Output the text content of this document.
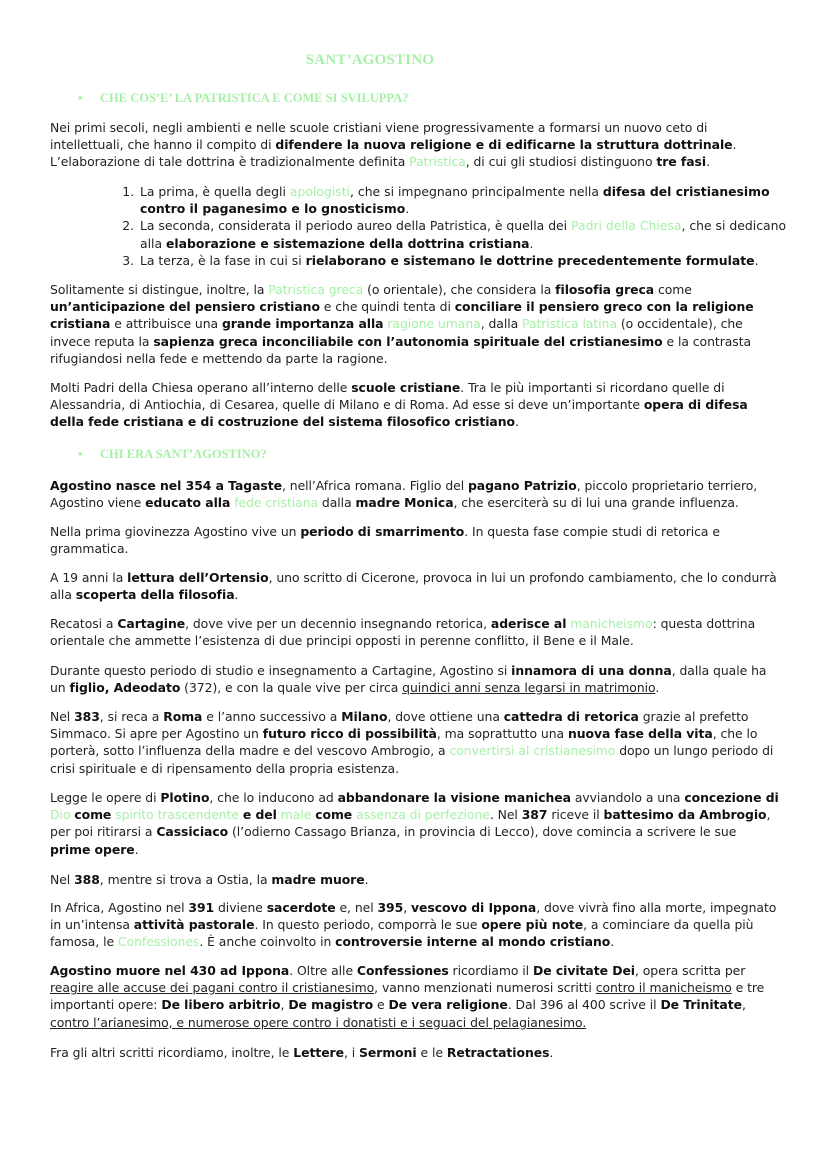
SANT’AGOSTINO
• CHE COS’E’ LA PATRISTICA E COME SI SVILUPPA?
Nei primi secoli, negli ambienti e nelle scuole cristiani viene progressivamente a formarsi un nuovo ceto di intellettuali, che hanno il compito di difendere la nuova religione e di edificarne la struttura dottrinale. L’elaborazione di tale dottrina è tradizionalmente definita Patristica, di cui gli studiosi distinguono tre fasi.
1. La prima, è quella degli apologisti, che si impegnano principalmente nella difesa del cristianesimo contro il paganesimo e lo gnosticismo.
2. La seconda, considerata il periodo aureo della Patristica, è quella dei Padri della Chiesa, che si dedicano alla elaborazione e sistemazione della dottrina cristiana.
3. La terza, è la fase in cui si rielaborano e sistemano le dottrine precedentemente formulate.
Solitamente si distingue, inoltre, la Patristica greca (o orientale), che considera la filosofia greca come un’anticipazione del pensiero cristiano e che quindi tenta di conciliare il pensiero greco con la religione cristiana e attribuisce una grande importanza alla ragione umana, dalla Patristica latina (o occidentale), che invece reputa la sapienza greca inconciliabile con l’autonomia spirituale del cristianesimo e la contrasta rifugiandosi nella fede e mettendo da parte la ragione.
Molti Padri della Chiesa operano all’interno delle scuole cristiane. Tra le più importanti si ricordano quelle di Alessandria, di Antiochia, di Cesarea, quelle di Milano e di Roma. Ad esse si deve un’importante opera di difesa della fede cristiana e di costruzione del sistema filosofico cristiano.
• CHI ERA SANT’AGOSTINO?
Agostino nasce nel 354 a Tagaste, nell’Africa romana. Figlio del pagano Patrizio, piccolo proprietario terriero, Agostino viene educato alla fede cristiana dalla madre Monica, che eserciterà su di lui una grande influenza.
Nella prima giovinezza Agostino vive un periodo di smarrimento. In questa fase compie studi di retorica e grammatica.
A 19 anni la lettura dell’Ortensio, uno scritto di Cicerone, provoca in lui un profondo cambiamento, che lo condurrà alla scoperta della filosofia.
Recatosi a Cartagine, dove vive per un decennio insegnando retorica, aderisce al manicheismo: questa dottrina orientale che ammette l’esistenza di due principi opposti in perenne conflitto, il Bene e il Male.
Durante questo periodo di studio e insegnamento a Cartagine, Agostino si innamora di una donna, dalla quale ha un figlio, Adeodato (372), e con la quale vive per circa quindici anni senza legarsi in matrimonio.
Nel 383, si reca a Roma e l’anno successivo a Milano, dove ottiene una cattedra di retorica grazie al prefetto Simmaco. Si apre per Agostino un futuro ricco di possibilità, ma soprattutto una nuova fase della vita, che lo porterà, sotto l’influenza della madre e del vescovo Ambrogio, a convertirsi al cristianesimo dopo un lungo periodo di crisi spirituale e di ripensamento della propria esistenza.
Legge le opere di Plotino, che lo inducono ad abbandonare la visione manichea avviandolo a una concezione di Dio come spirito trascendente e del male come assenza di perfezione. Nel 387 riceve il battesimo da Ambrogio, per poi ritirarsi a Cassiciaco (l’odierno Cassago Brianza, in provincia di Lecco), dove comincia a scrivere le sue prime opere.
Nel 388, mentre si trova a Ostia, la madre muore.
In Africa, Agostino nel 391 diviene sacerdote e, nel 395, vescovo di Ippona, dove vivrà fino alla morte, impegnato in un’intensa attività pastorale. In questo periodo, comporrà le sue opere più note, a cominciare da quella più famosa, le Confessiones. È anche coinvolto in controversie interne al mondo cristiano.
Agostino muore nel 430 ad Ippona. Oltre alle Confessiones ricordiamo il De civitate Dei, opera scritta per reagire alle accuse dei pagani contro il cristianesimo, vanno menzionati numerosi scritti contro il manicheismo e tre importanti opere: De libero arbitrio, De magistro e De vera religione. Dal 396 al 400 scrive il De Trinitate, contro l’arianesimo, e numerose opere contro i donatisti e i seguaci del pelagianesimo.
Fra gli altri scritti ricordiamo, inoltre, le Lettere, i Sermoni e le Retractationes.
